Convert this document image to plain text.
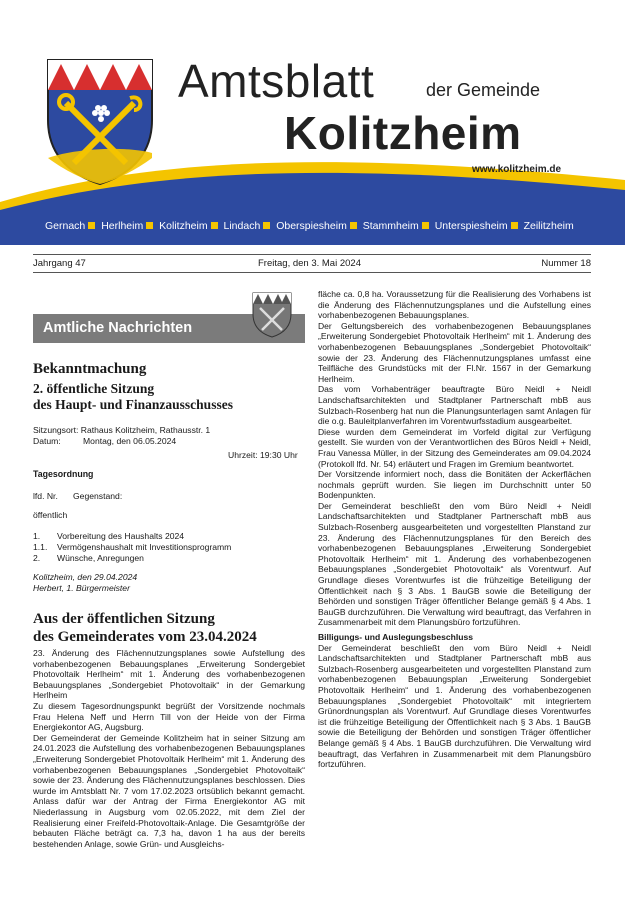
Amtsblatt	der Gemeinde
Kolitzheim
www.kolitzheim.de
Gernach Herlheim Kolitzheim Lindach Oberspiesheim Stammheim Unterspiesheim Zeilitzheim
Jahrgang 47	Freitag, den 3. Mai 2024	Nummer 18
Amtliche Nachrichten
Bekanntmachung
2. öffentliche Sitzung
des Haupt- und Finanzausschusses
Sitzungsort: Rathaus Kolitzheim, Rathausstr. 1
Datum:	Montag, den 06.05.2024
Uhrzeit: 19:30 Uhr
Tagesordnung
lfd. Nr. Gegenstand:
öffentlich
1. Vorbereitung des Haushalts 2024
1.1. Vermögenshaushalt mit Investitionsprogramm
2. Wünsche, Anregungen
Kolitzheim, den 29.04.2024
Herbert, 1. Bürgermeister
Aus der öffentlichen Sitzung
des Gemeinderates vom 23.04.2024

23. Änderung des Flächennutzungsplanes sowie Aufstellung des vorhabenbezogenen Bebauungsplanes „Erweiterung Sondergebiet Photovoltaik Herlheim“ mit 1. Änderung des vorhabenbezogenen Bebauungsplanes „Sondergebiet Photovoltaik“ in der Gemarkung Herlheim

Zu diesem Tagesordnungspunkt begrüßt der Vorsitzende nochmals Frau Helena Neff und Herrn Till von der Heide von der Firma Energiekontor AG, Augsburg.

Der Gemeinderat der Gemeinde Kolitzheim hat in seiner Sitzung am 24.01.2023 die Aufstellung des vorhabenbezogenen Bebauungsplanes „Erweiterung Sondergebiet Photovoltaik Herlheim“ mit 1. Änderung des vorhabenbezogenen Bebauungsplanes „Sondergebiet Photovoltaik“ sowie der 23. Änderung des Flächennutzungsplanes beschlossen. Dies wurde im Amtsblatt Nr. 7 vom 17.02.2023 ortsüblich bekannt gemacht. Anlass dafür war der Antrag der Firma Energiekontor AG mit Niederlassung in Augsburg vom 02.05.2022, mit dem Ziel der Realisierung einer Freifeld-Photovoltaik-Anlage. Die Gesamtgröße der bebauten Fläche beträgt ca. 7,3 ha, davon 1 ha aus der bereits bestehenden Anlage, sowie Grün- und Ausgleichs-

fläche ca. 0,8 ha. Voraussetzung für die Realisierung des Vorhabens ist die Änderung des Flächennutzungsplanes und die Aufstellung eines vorhabenbezogenen Bebauungsplanes.

Der Geltungsbereich des vorhabenbezogenen Bebauungsplanes „Erweiterung Sondergebiet Photovoltaik Herlheim“ mit 1. Änderung des vorhabenbezogenen Bebauungsplanes „Sondergebiet Photovoltaik“ sowie der 23. Änderung des Flächennutzungsplanes umfasst eine Teilfläche des Grundstücks mit der Fl.Nr. 1567 in der Gemarkung Herlheim.

Das vom Vorhabenträger beauftragte Büro Neidl + Neidl Landschaftsarchitekten und Stadtplaner Partnerschaft mbB aus Sulzbach-Rosenberg hat nun die Planungsunterlagen samt Anlagen für die o.g. Bauleitplanverfahren im Vorentwurfsstadium ausgearbeitet.

Diese wurden dem Gemeinderat im Vorfeld digital zur Verfügung gestellt. Sie wurden von der Verantwortlichen des Büros Neidl + Neidl, Frau Vanessa Müller, in der Sitzung des Gemeinderates am 09.04.2024 (Protokoll lfd. Nr. 54) erläutert und Fragen im Gremium beantwortet.

Der Vorsitzende informiert noch, dass die Bonitäten der Ackerflächen nochmals geprüft wurden. Sie liegen im Durchschnitt unter 50 Bodenpunkten.

Der Gemeinderat beschließt den vom Büro Neidl + Neidl Landschaftsarchitekten und Stadtplaner Partnerschaft mbB aus Sulzbach-Rosenberg ausgearbeiteten und vorgestellten Planstand zur 23. Änderung des Flächennutzungsplanes für den Bereich des vorhabenbezogenen Bebauungsplanes „Erweiterung Sondergebiet Photovoltaik Herlheim“ mit 1. Änderung des vorhabenbezogenen Bebauungsplanes „Sondergebiet Photovoltaik“ als Vorentwurf. Auf Grundlage dieses Vorentwurfes ist die frühzeitige Beteiligung der Öffentlichkeit nach § 3 Abs. 1 BauGB sowie die Beteiligung der Behörden und sonstigen Träger öffentlicher Belange gemäß § 4 Abs. 1 BauGB durchzuführen. Die Verwaltung wird beauftragt, das Verfahren in Zusammenarbeit mit dem Planungsbüro fortzuführen.

Billigungs- und Auslegungsbeschluss

Der Gemeinderat beschließt den vom Büro Neidl + Neidl Landschaftsarchitekten und Stadtplaner Partnerschaft mbB aus Sulzbach-Rosenberg ausgearbeiteten und vorgestellten Planstand zum vorhabenbezogenen Bebauungsplan „Erweiterung Sondergebiet Photovoltaik Herlheim“ und 1. Änderung des vorhabenbezogenen Bebauungsplanes „Sondergebiet Photovoltaik“ mit integriertem Grünordnungsplan als Vorentwurf. Auf Grundlage dieses Vorentwurfes ist die frühzeitige Beteiligung der Öffentlichkeit nach § 3 Abs. 1 BauGB sowie die Beteiligung der Behörden und sonstigen Träger öffentlicher Belange gemäß § 4 Abs. 1 BauGB durchzuführen. Die Verwaltung wird beauftragt, das Verfahren in Zusammenarbeit mit dem Planungsbüro fortzuführen.
